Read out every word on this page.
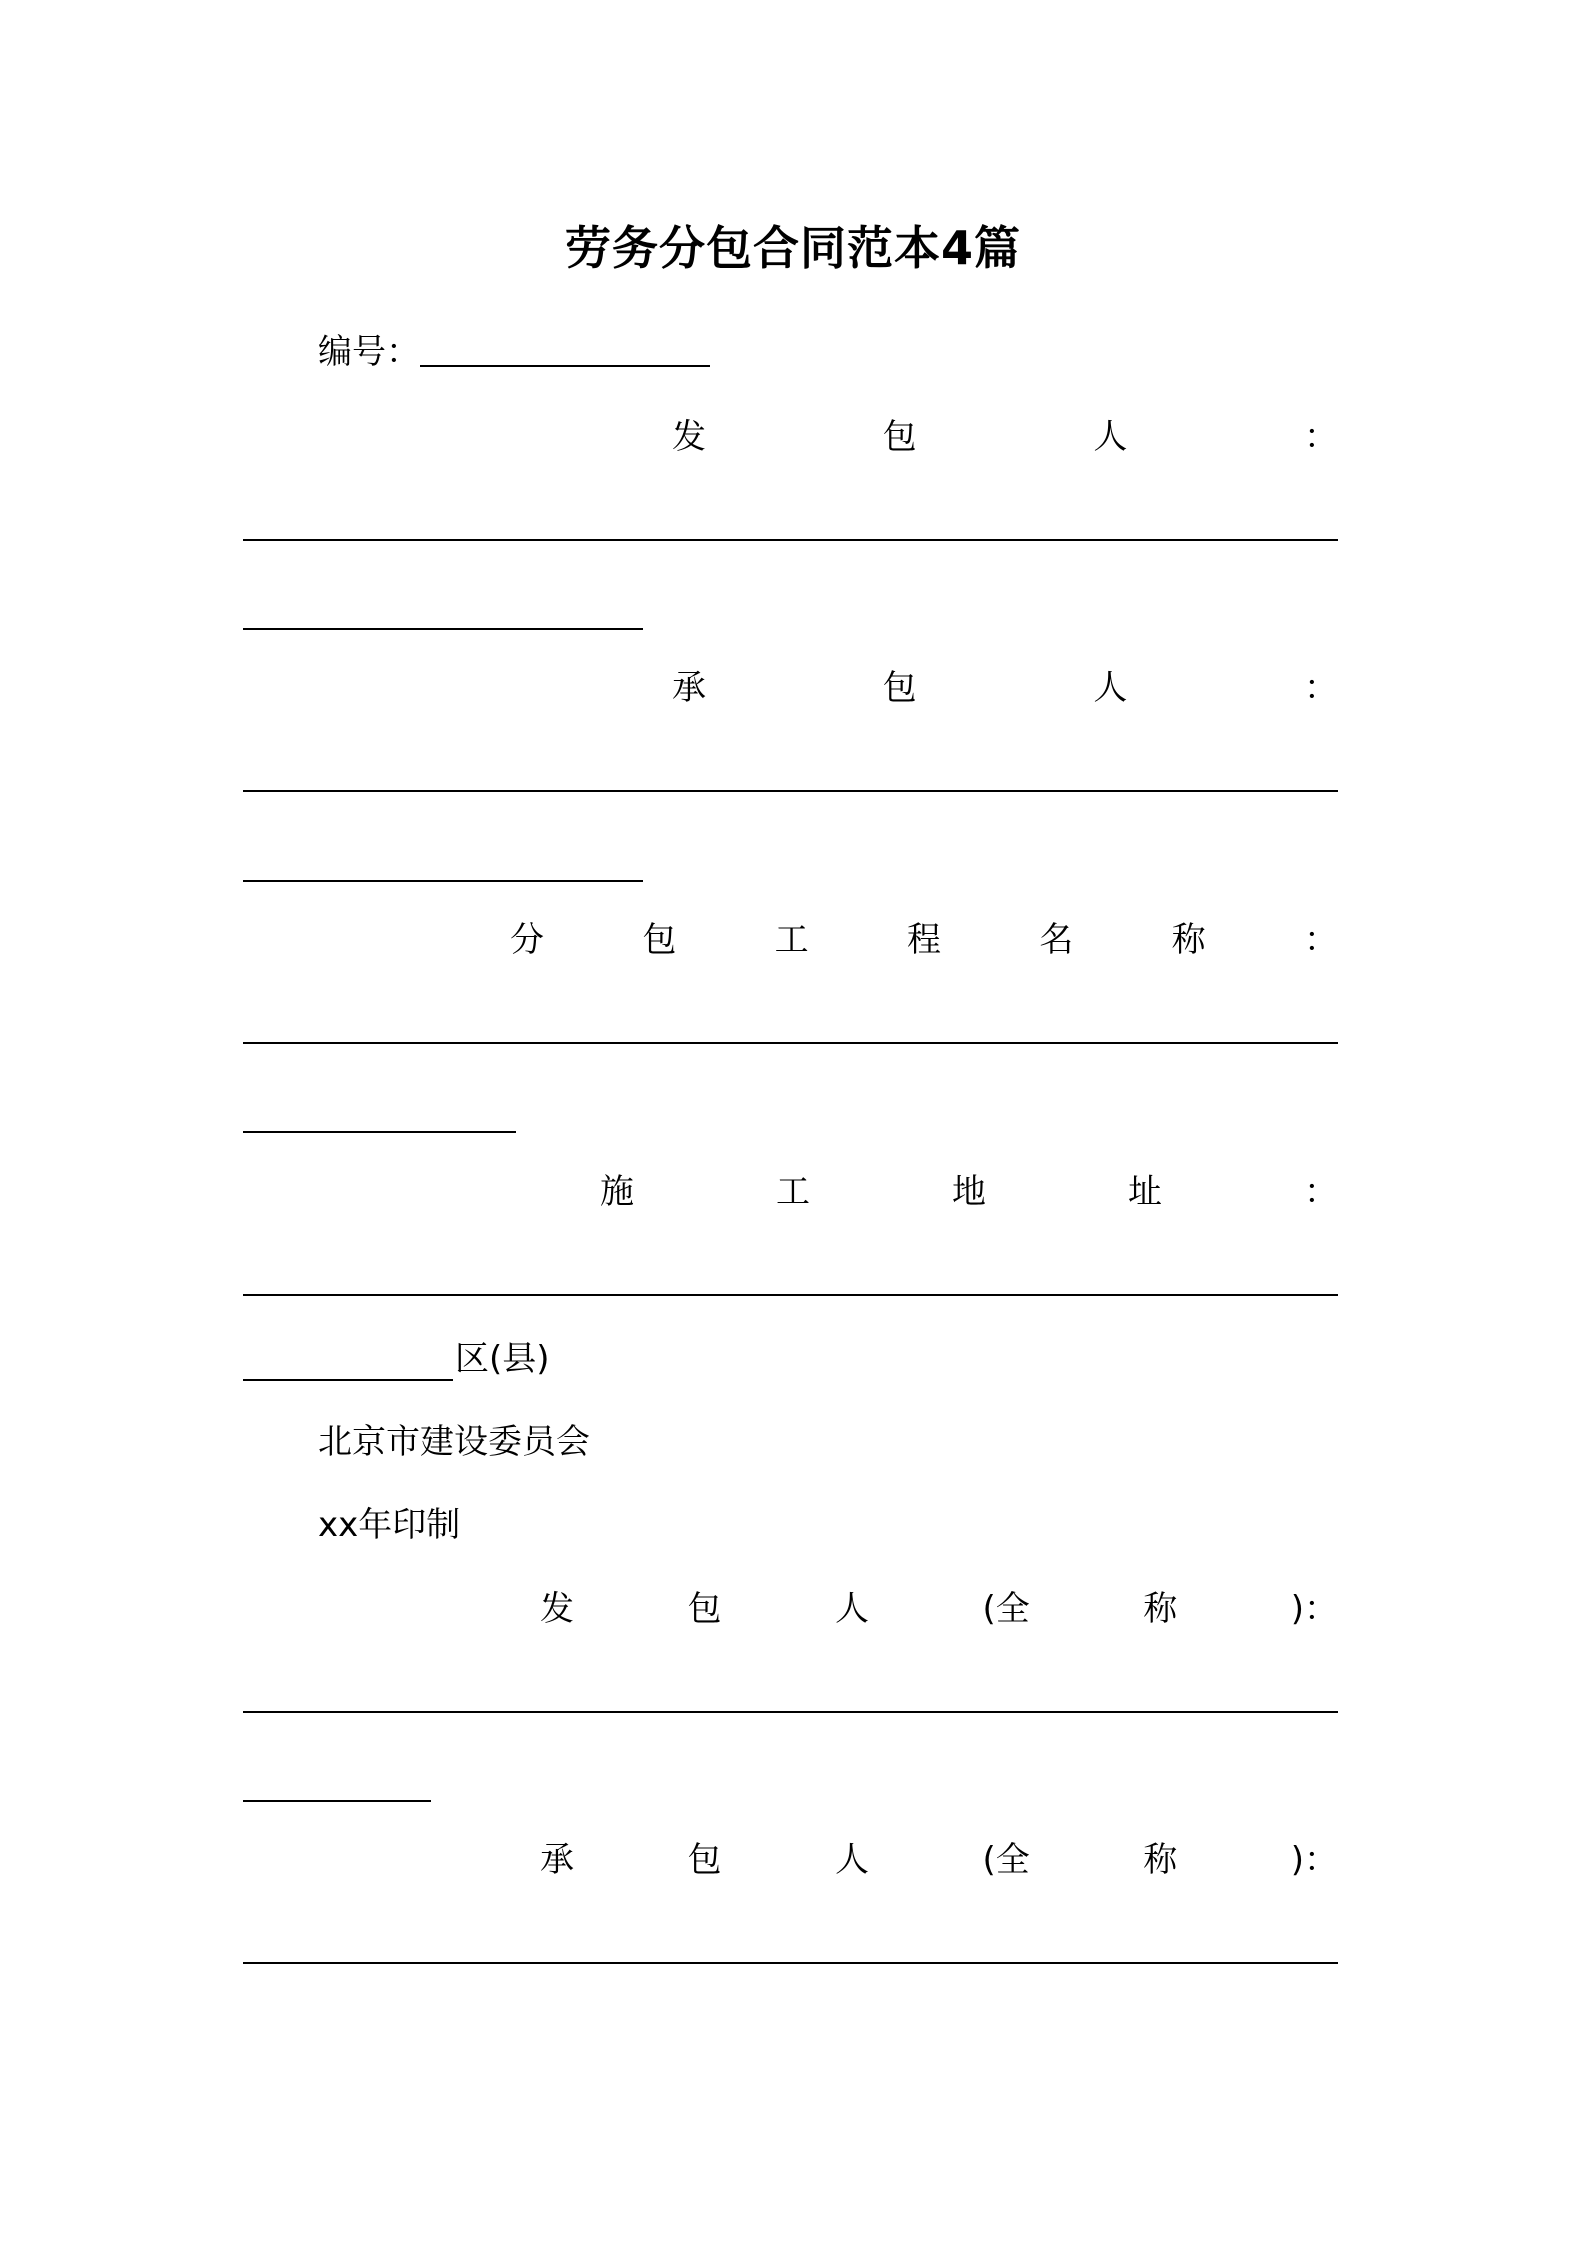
劳务分包合同范本4篇
编号：
发	包	人	：
承	包	人	：
分	包	工	程	名	称	：
施	工	地	址	：
区(县)
北京市建设委员会
xx年印制
发	包	人	(全	称	)：
承	包	人	(全	称	)：
